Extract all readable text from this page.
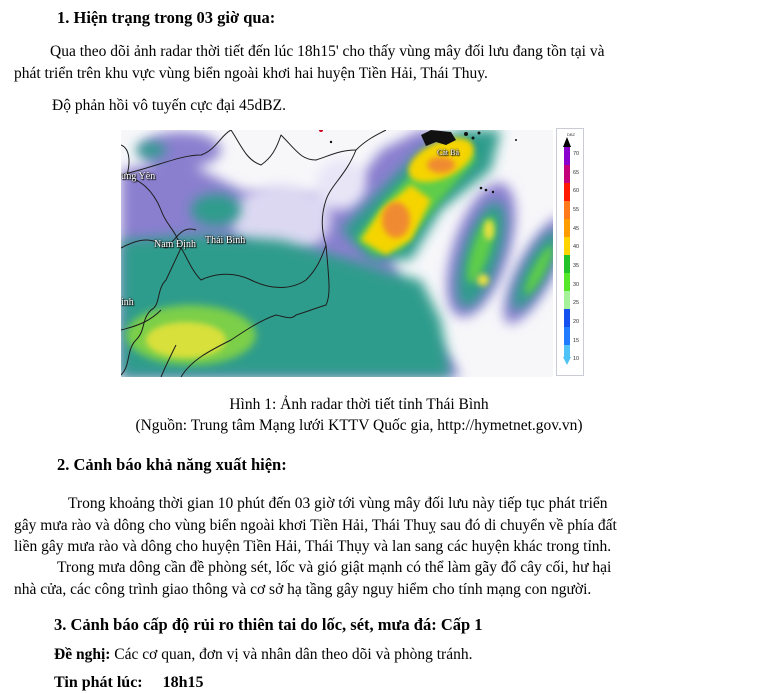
1. Hiện trạng trong 03 giờ qua:
Qua theo dõi ảnh radar thời tiết đến lúc 18h15' cho thấy vùng mây đối lưu đang tồn tại và
phát triển trên khu vực vùng biển ngoài khơi hai huyện Tiền Hải, Thái Thuy.
Độ phản hồi vô tuyến cực đại 45dBZ.
ưng Yên
Nam Định Thái Bình
inh
Cát Bà
DBZ
70
65
60
55
45
40
35
30
25
20
15
10
Hình 1: Ảnh radar thời tiết tỉnh Thái Bình
(Nguồn: Trung tâm Mạng lưới KTTV Quốc gia, http://hymetnet.gov.vn)
2. Cảnh báo khả năng xuất hiện:
Trong khoảng thời gian 10 phút đến 03 giờ tới vùng mây đối lưu này tiếp tục phát triển
gây mưa rào và dông cho vùng biển ngoài khơi Tiền Hải, Thái Thuỵ sau đó di chuyển về phía đất
liền gây mưa rào và dông cho huyện Tiền Hải, Thái Thụy và lan sang các huyện khác trong tỉnh.
Trong mưa dông cần đề phòng sét, lốc và gió giật mạnh có thể làm gãy đổ cây cối, hư hại
nhà cửa, các công trình giao thông và cơ sở hạ tầng gây nguy hiểm cho tính mạng con người.
3. Cảnh báo cấp độ rủi ro thiên tai do lốc, sét, mưa đá: Cấp 1
Đề nghị: Các cơ quan, đơn vị và nhân dân theo dõi và phòng tránh.
Tin phát lúc: 18h15
